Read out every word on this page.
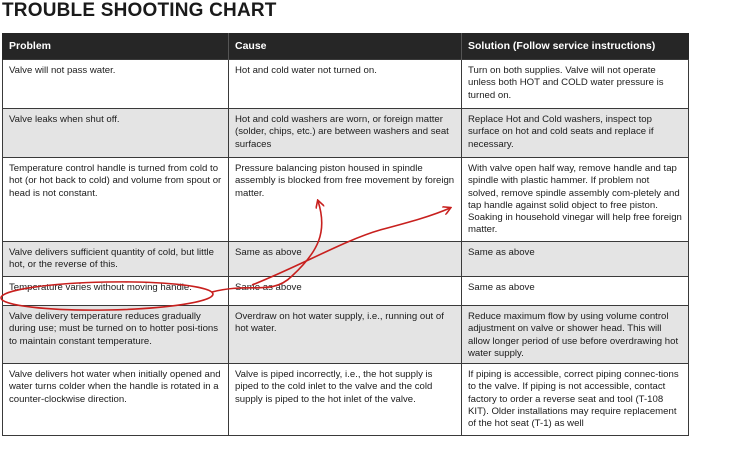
TROUBLE SHOOTING CHART
Problem	Cause	Solution (Follow service instructions)
Valve will not pass water.	Hot and cold water not turned on.	Turn on both supplies. Valve will not operate unless both HOT and COLD water pressure is turned on.
Valve leaks when shut off.	Hot and cold washers are worn, or foreign matter (solder, chips, etc.) are between washers and seat surfaces	Replace Hot and Cold washers, inspect top surface on hot and cold seats and replace if necessary.
Temperature control handle is turned from cold to hot (or hot back to cold) and volume from spout or head is not constant.	Pressure balancing piston housed in spindle assembly is blocked from free movement by foreign matter.	With valve open half way, remove handle and tap spindle with plastic hammer. If problem not solved, remove spindle assembly com-pletely and tap handle against solid object to free piston. Soaking in household vinegar will help free foreign matter.
Valve delivers sufficient quantity of cold, but little hot, or the reverse of this.	Same as above	Same as above
Temperature varies without moving handle.	Same as above	Same as above
Valve delivery temperature reduces gradually during use; must be turned on to hotter posi-tions to maintain constant temperature.	Overdraw on hot water supply, i.e., running out of hot water.	Reduce maximum flow by using volume control adjustment on valve or shower head. This will allow longer period of use before overdrawing hot water supply.
Valve delivers hot water when initially opened and water turns colder when the handle is rotated in a counter-clockwise direction.	Valve is piped incorrectly, i.e., the hot supply is piped to the cold inlet to the valve and the cold supply is piped to the hot inlet of the valve.	If piping is accessible, correct piping connec-tions to the valve. If piping is not accessible, contact factory to order a reverse seat and tool (T-108 KIT). Older installations may require replacement of the hot seat (T-1) as well
